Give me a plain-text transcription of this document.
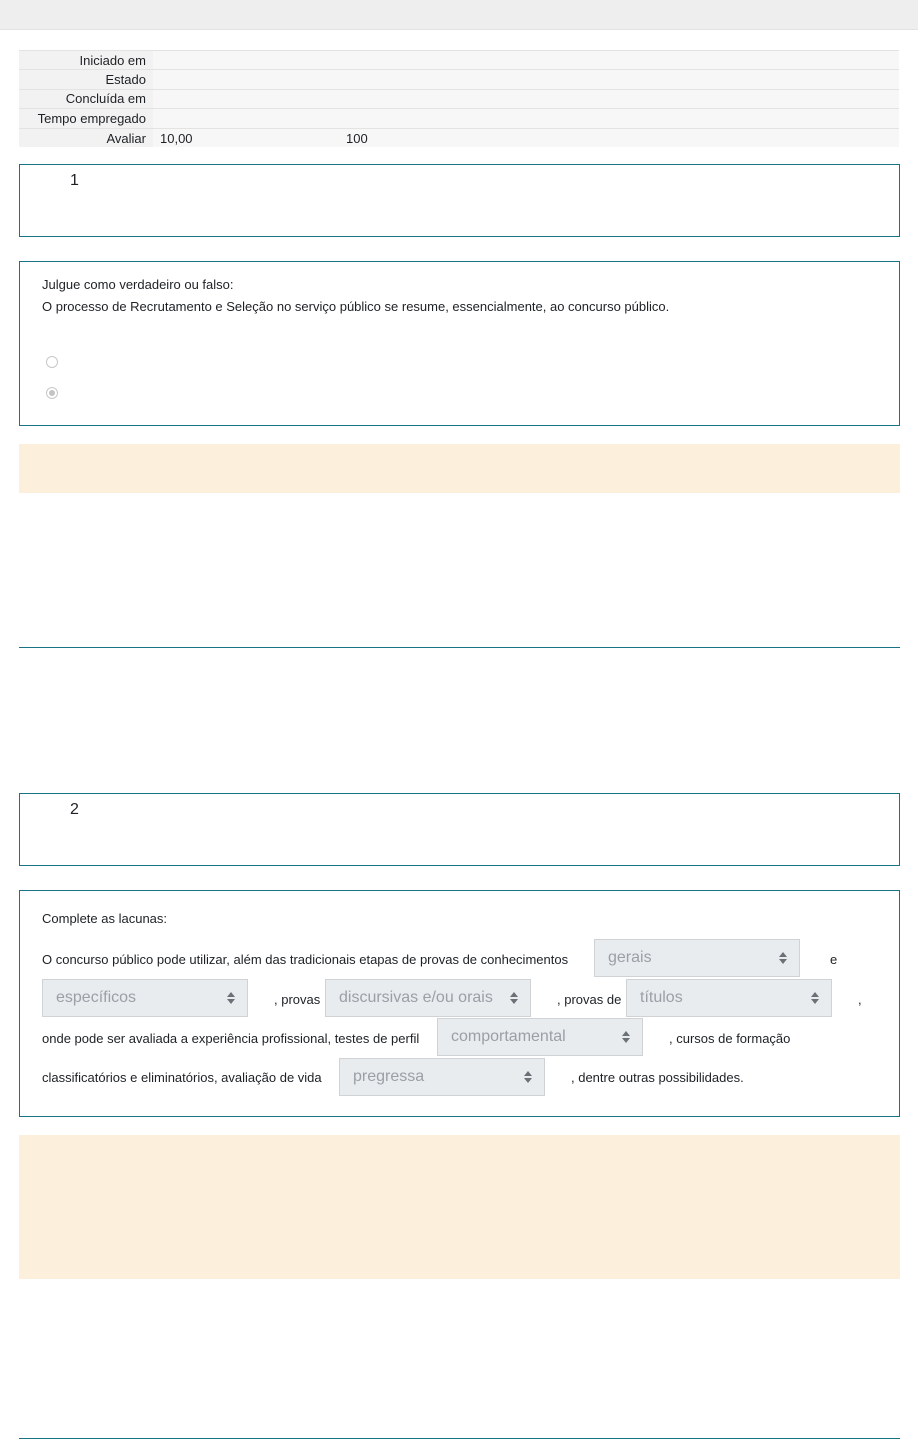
Iniciado em	
Estado	
Concluída em	
Tempo empregado	
Avaliar	10,00 100
1
Julgue como verdadeiro ou falso:
O processo de Recrutamento e Seleção no serviço público se resume, essencialmente, ao concurso público.
2
Complete as lacunas:
O concurso público pode utilizar, além das tradicionais etapas de provas de conhecimentos	gerais	e
específicos	, provas	discursivas e/ou orais	, provas de	títulos	,
onde pode ser avaliada a experiência profissional, testes de perfil	comportamental	, cursos de formação
classificatórios e eliminatórios, avaliação de vida	pregressa	, dentre outras possibilidades.
